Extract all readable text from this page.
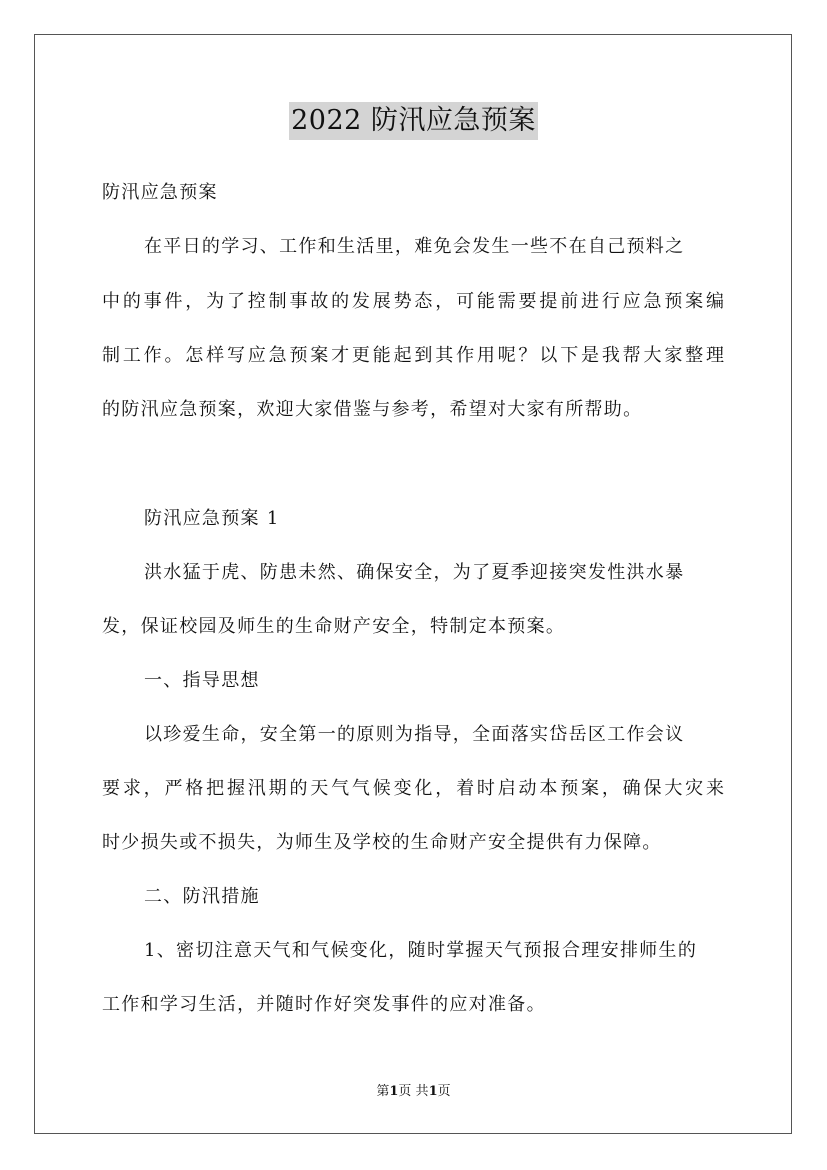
2022 防汛应急预案
防汛应急预案
在平日的学习、工作和生活里，难免会发生一些不在自己预料之
中的事件，为了控制事故的发展势态，可能需要提前进行应急预案编
制工作。怎样写应急预案才更能起到其作用呢？以下是我帮大家整理
的防汛应急预案，欢迎大家借鉴与参考，希望对大家有所帮助。
防汛应急预案 1
洪水猛于虎、防患未然、确保安全，为了夏季迎接突发性洪水暴
发，保证校园及师生的生命财产安全，特制定本预案。
一、指导思想
以珍爱生命，安全第一的原则为指导，全面落实岱岳区工作会议
要求，严格把握汛期的天气气候变化，着时启动本预案，确保大灾来
时少损失或不损失，为师生及学校的生命财产安全提供有力保障。
二、防汛措施
1、密切注意天气和气候变化，随时掌握天气预报合理安排师生的
工作和学习生活，并随时作好突发事件的应对准备。
第1页 共1页
